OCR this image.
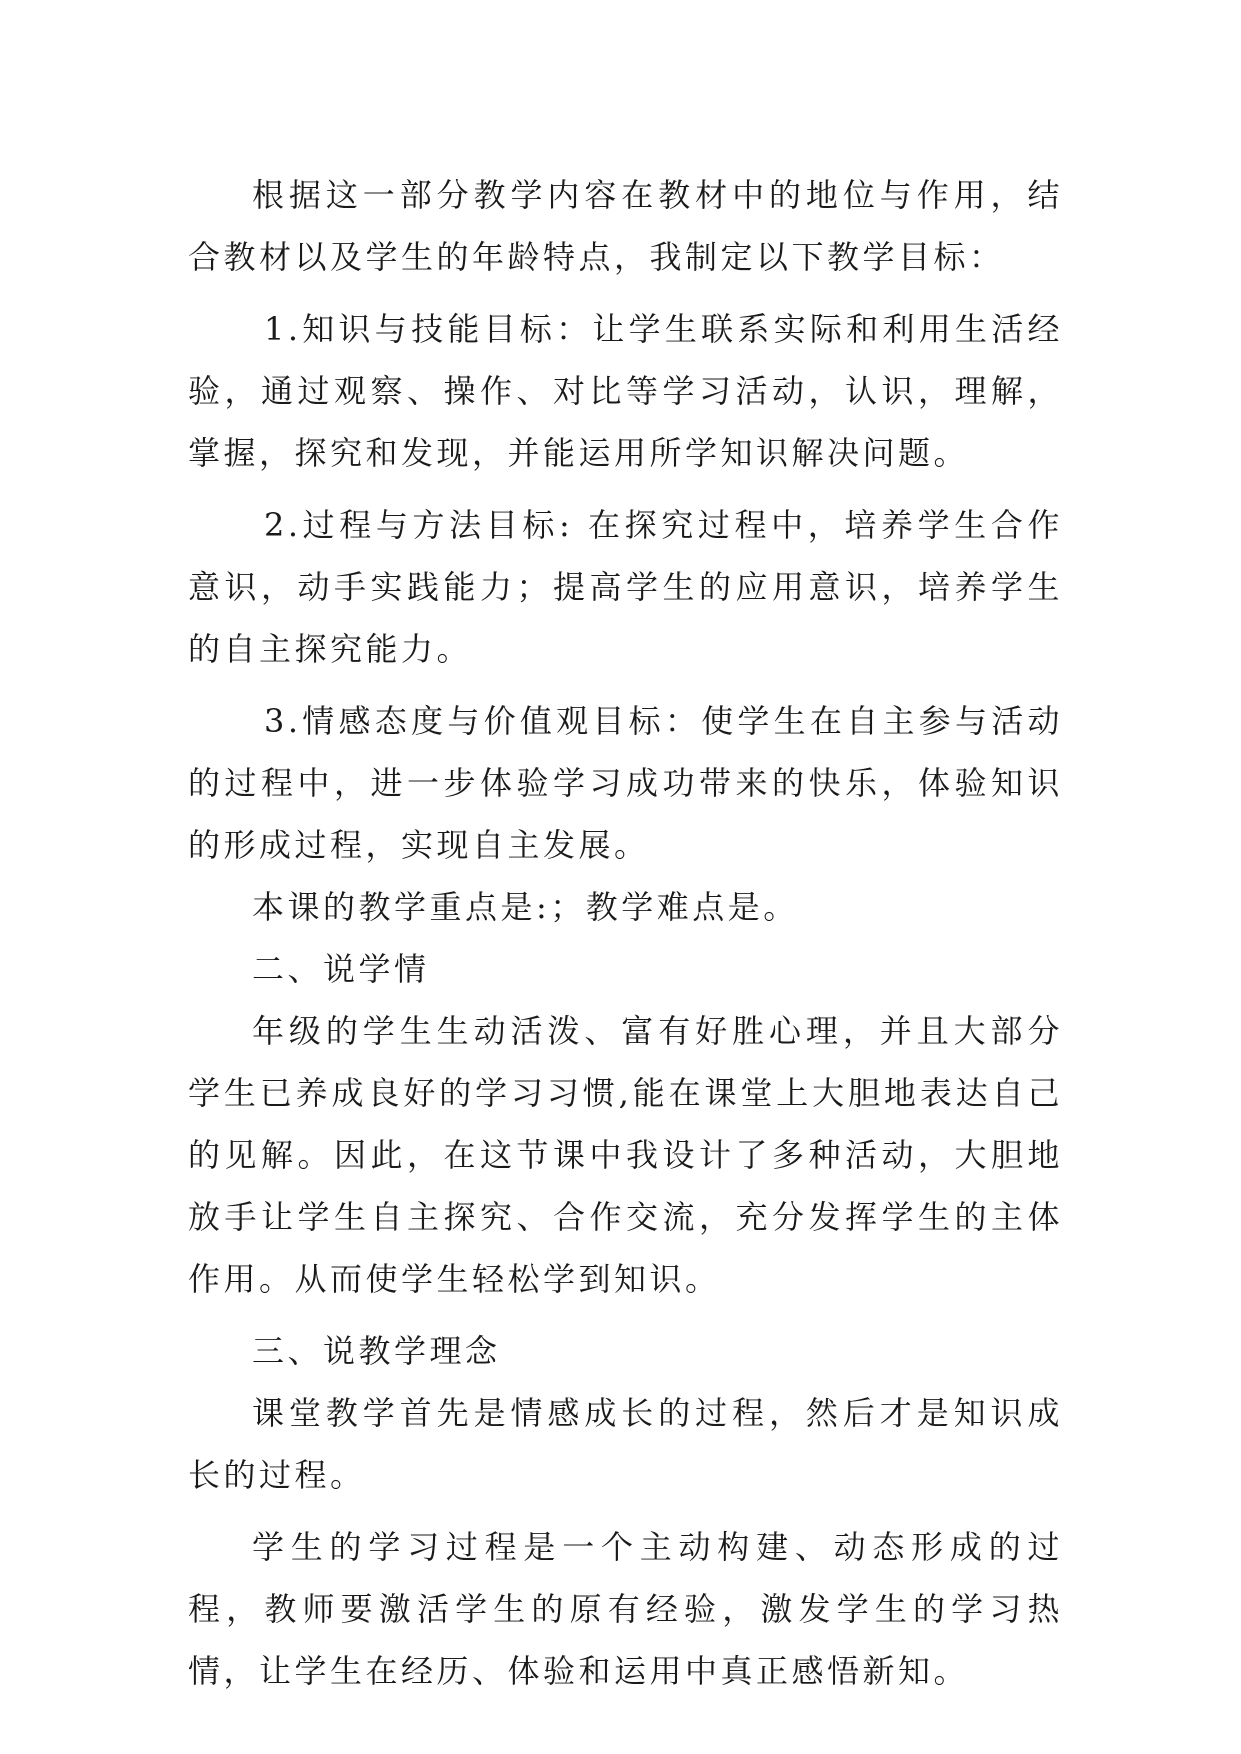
根据这一部分教学内容在教材中的地位与作用，结合教材以及学生的年龄特点，我制定以下教学目标：

1.知识与技能目标：让学生联系实际和利用生活经验，通过观察、操作、对比等学习活动，认识，理解，掌握，探究和发现，并能运用所学知识解决问题。

2.过程与方法目标: 在探究过程中，培养学生合作意识，动手实践能力；提高学生的应用意识，培养学生的自主探究能力。

3.情感态度与价值观目标：使学生在自主参与活动的过程中，进一步体验学习成功带来的快乐，体验知识的形成过程，实现自主发展。

本课的教学重点是:；教学难点是。

二、说学情

年级的学生生动活泼、富有好胜心理，并且大部分学生已养成良好的学习习惯,能在课堂上大胆地表达自己的见解。因此，在这节课中我设计了多种活动，大胆地放手让学生自主探究、合作交流，充分发挥学生的主体作用。从而使学生轻松学到知识。

三、说教学理念

课堂教学首先是情感成长的过程，然后才是知识成长的过程。

学生的学习过程是一个主动构建、动态形成的过程，教师要激活学生的原有经验，激发学生的学习热情，让学生在经历、体验和运用中真正感悟新知。
